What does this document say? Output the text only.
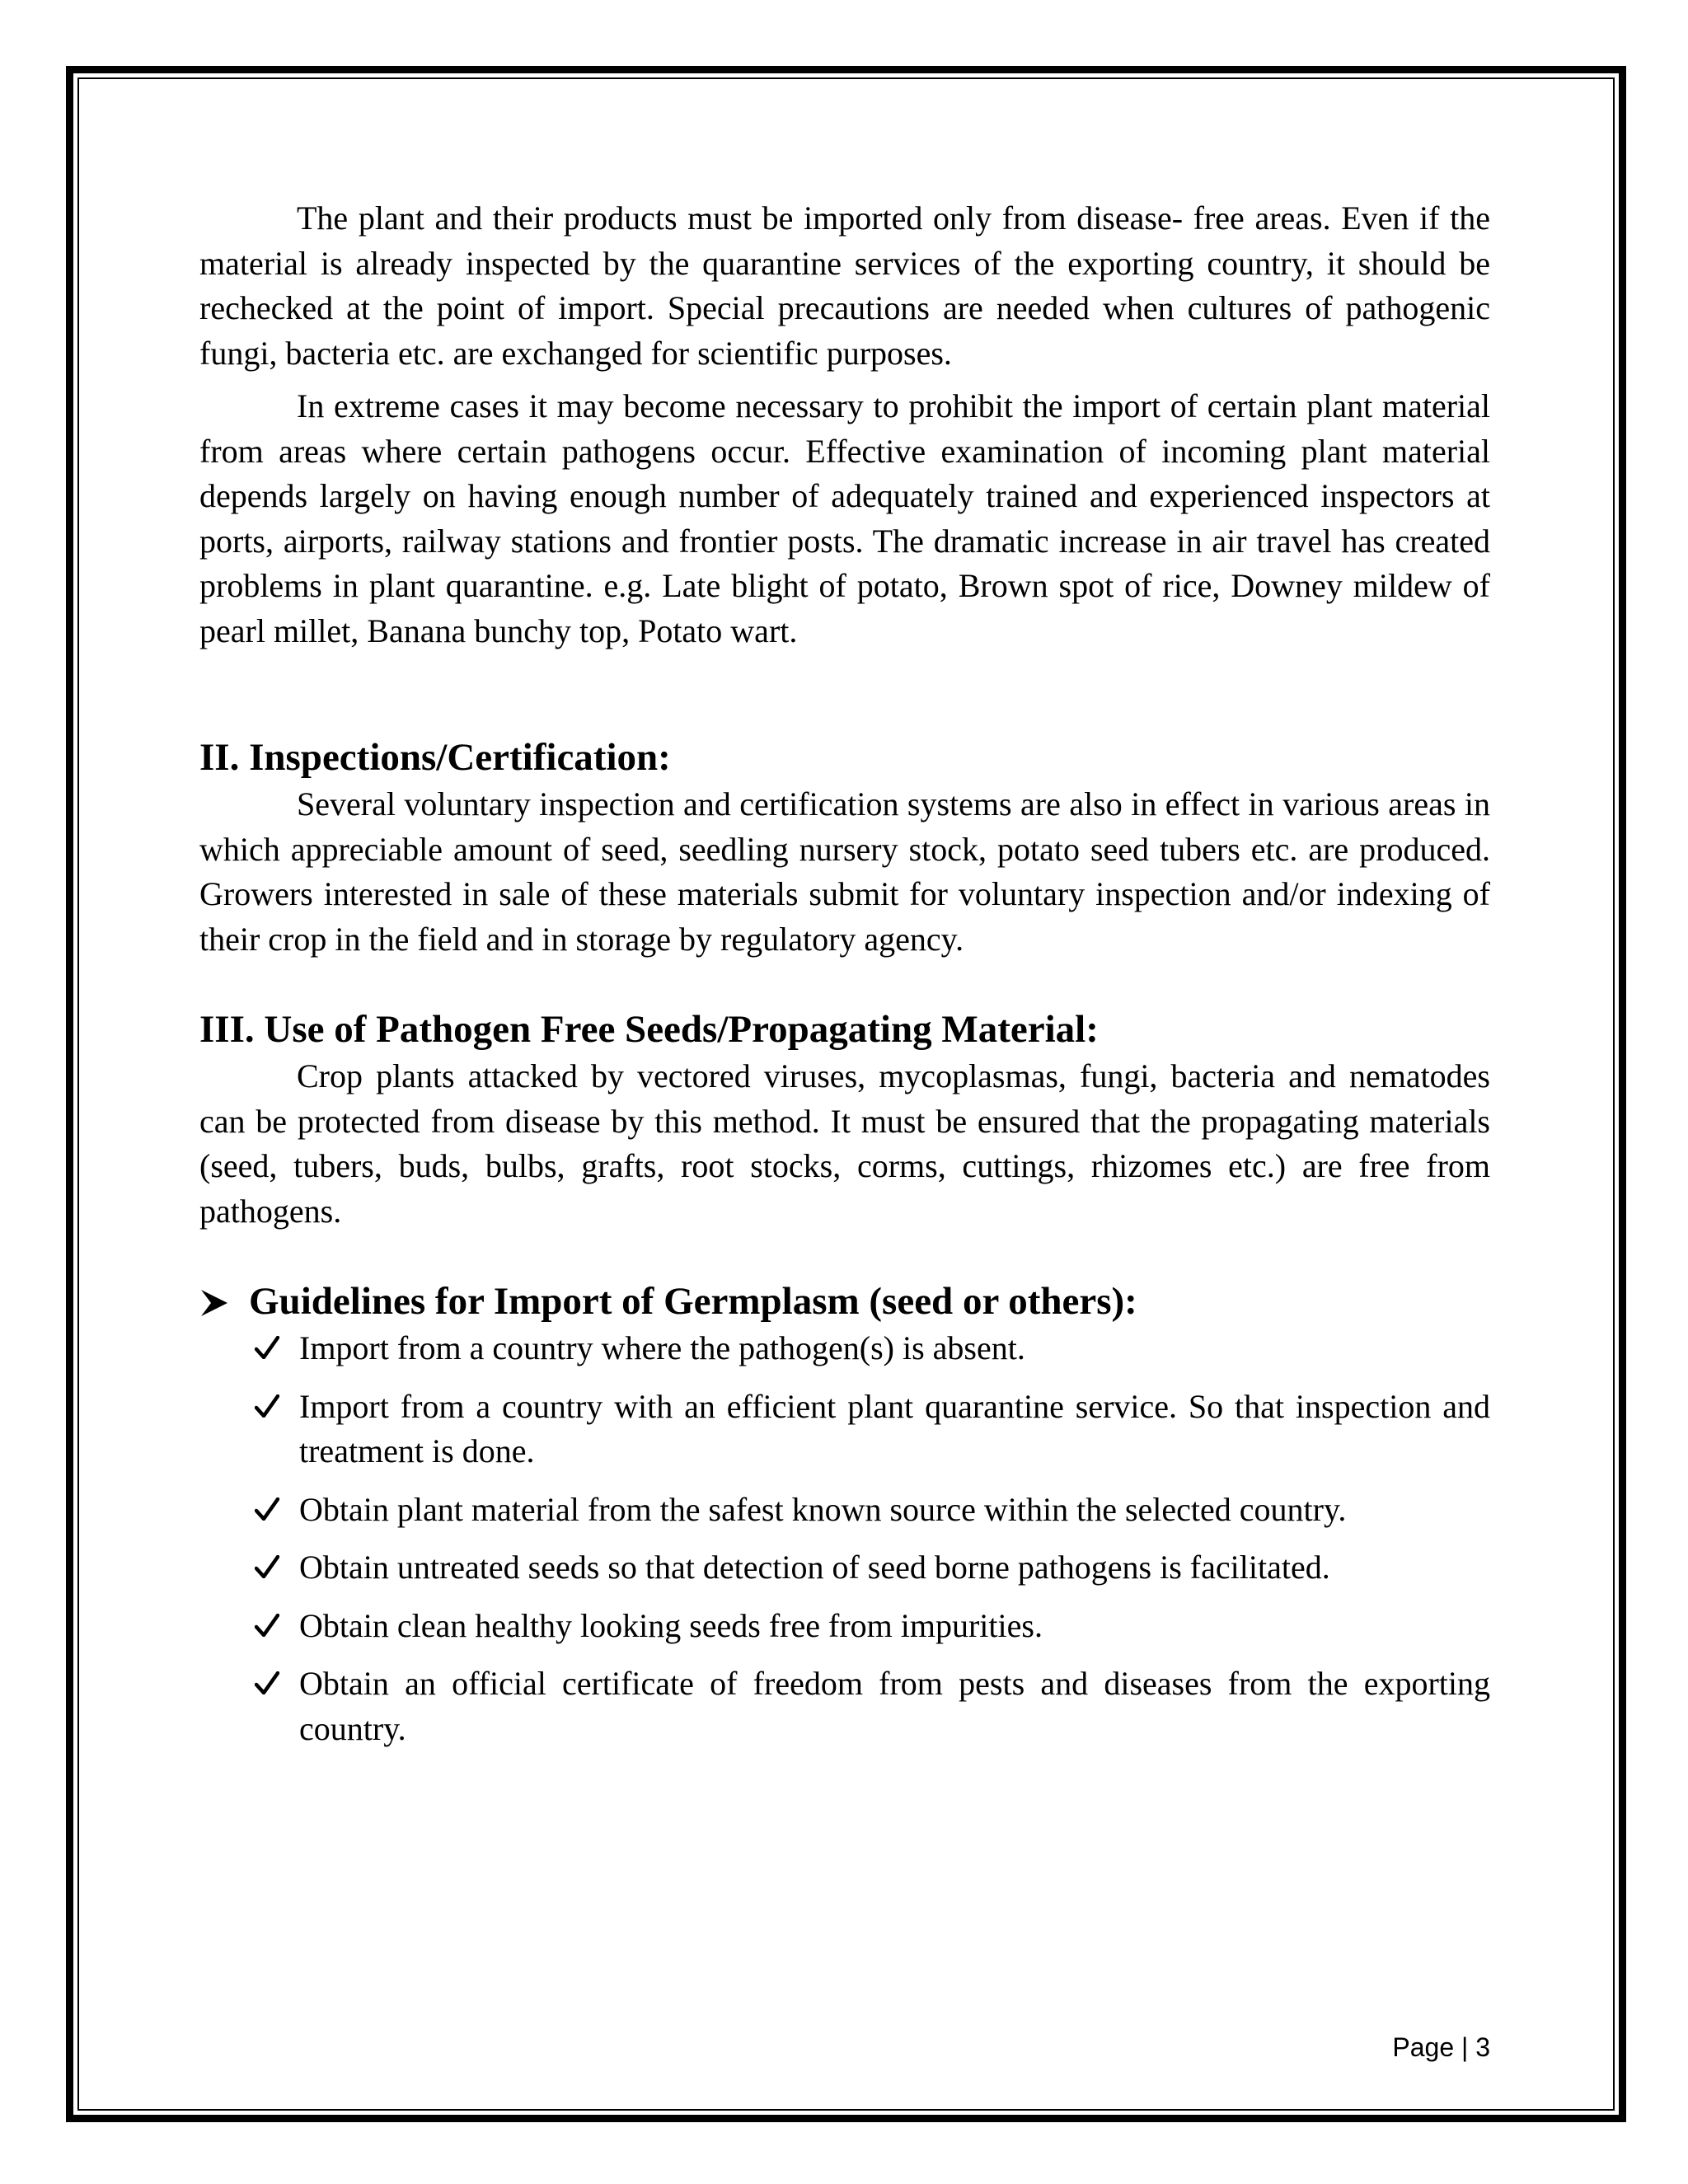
The plant and their products must be imported only from disease- free areas. Even if the material is already inspected by the quarantine services of the exporting country, it should be rechecked at the point of import. Special precautions are needed when cultures of pathogenic fungi, bacteria etc. are exchanged for scientific purposes.

In extreme cases it may become necessary to prohibit the import of certain plant material from areas where certain pathogens occur. Effective examination of incoming plant material depends largely on having enough number of adequately trained and experienced inspectors at ports, airports, railway stations and frontier posts. The dramatic increase in air travel has created problems in plant quarantine. e.g. Late blight of potato, Brown spot of rice, Downey mildew of pearl millet, Banana bunchy top, Potato wart.

II. Inspections/Certification:

Several voluntary inspection and certification systems are also in effect in various areas in which appreciable amount of seed, seedling nursery stock, potato seed tubers etc. are produced. Growers interested in sale of these materials submit for voluntary inspection and/or indexing of their crop in the field and in storage by regulatory agency.

III. Use of Pathogen Free Seeds/Propagating Material:

Crop plants attacked by vectored viruses, mycoplasmas, fungi, bacteria and nematodes can be protected from disease by this method. It must be ensured that the propagating materials (seed, tubers, buds, bulbs, grafts, root stocks, corms, cuttings, rhizomes etc.) are free from pathogens.

Guidelines for Import of Germplasm (seed or others):
Import from a country where the pathogen(s) is absent.
Import from a country with an efficient plant quarantine service. So that inspection and treatment is done.
Obtain plant material from the safest known source within the selected country.
Obtain untreated seeds so that detection of seed borne pathogens is facilitated.
Obtain clean healthy looking seeds free from impurities.
Obtain an official certificate of freedom from pests and diseases from the exporting country.
Page | 3
